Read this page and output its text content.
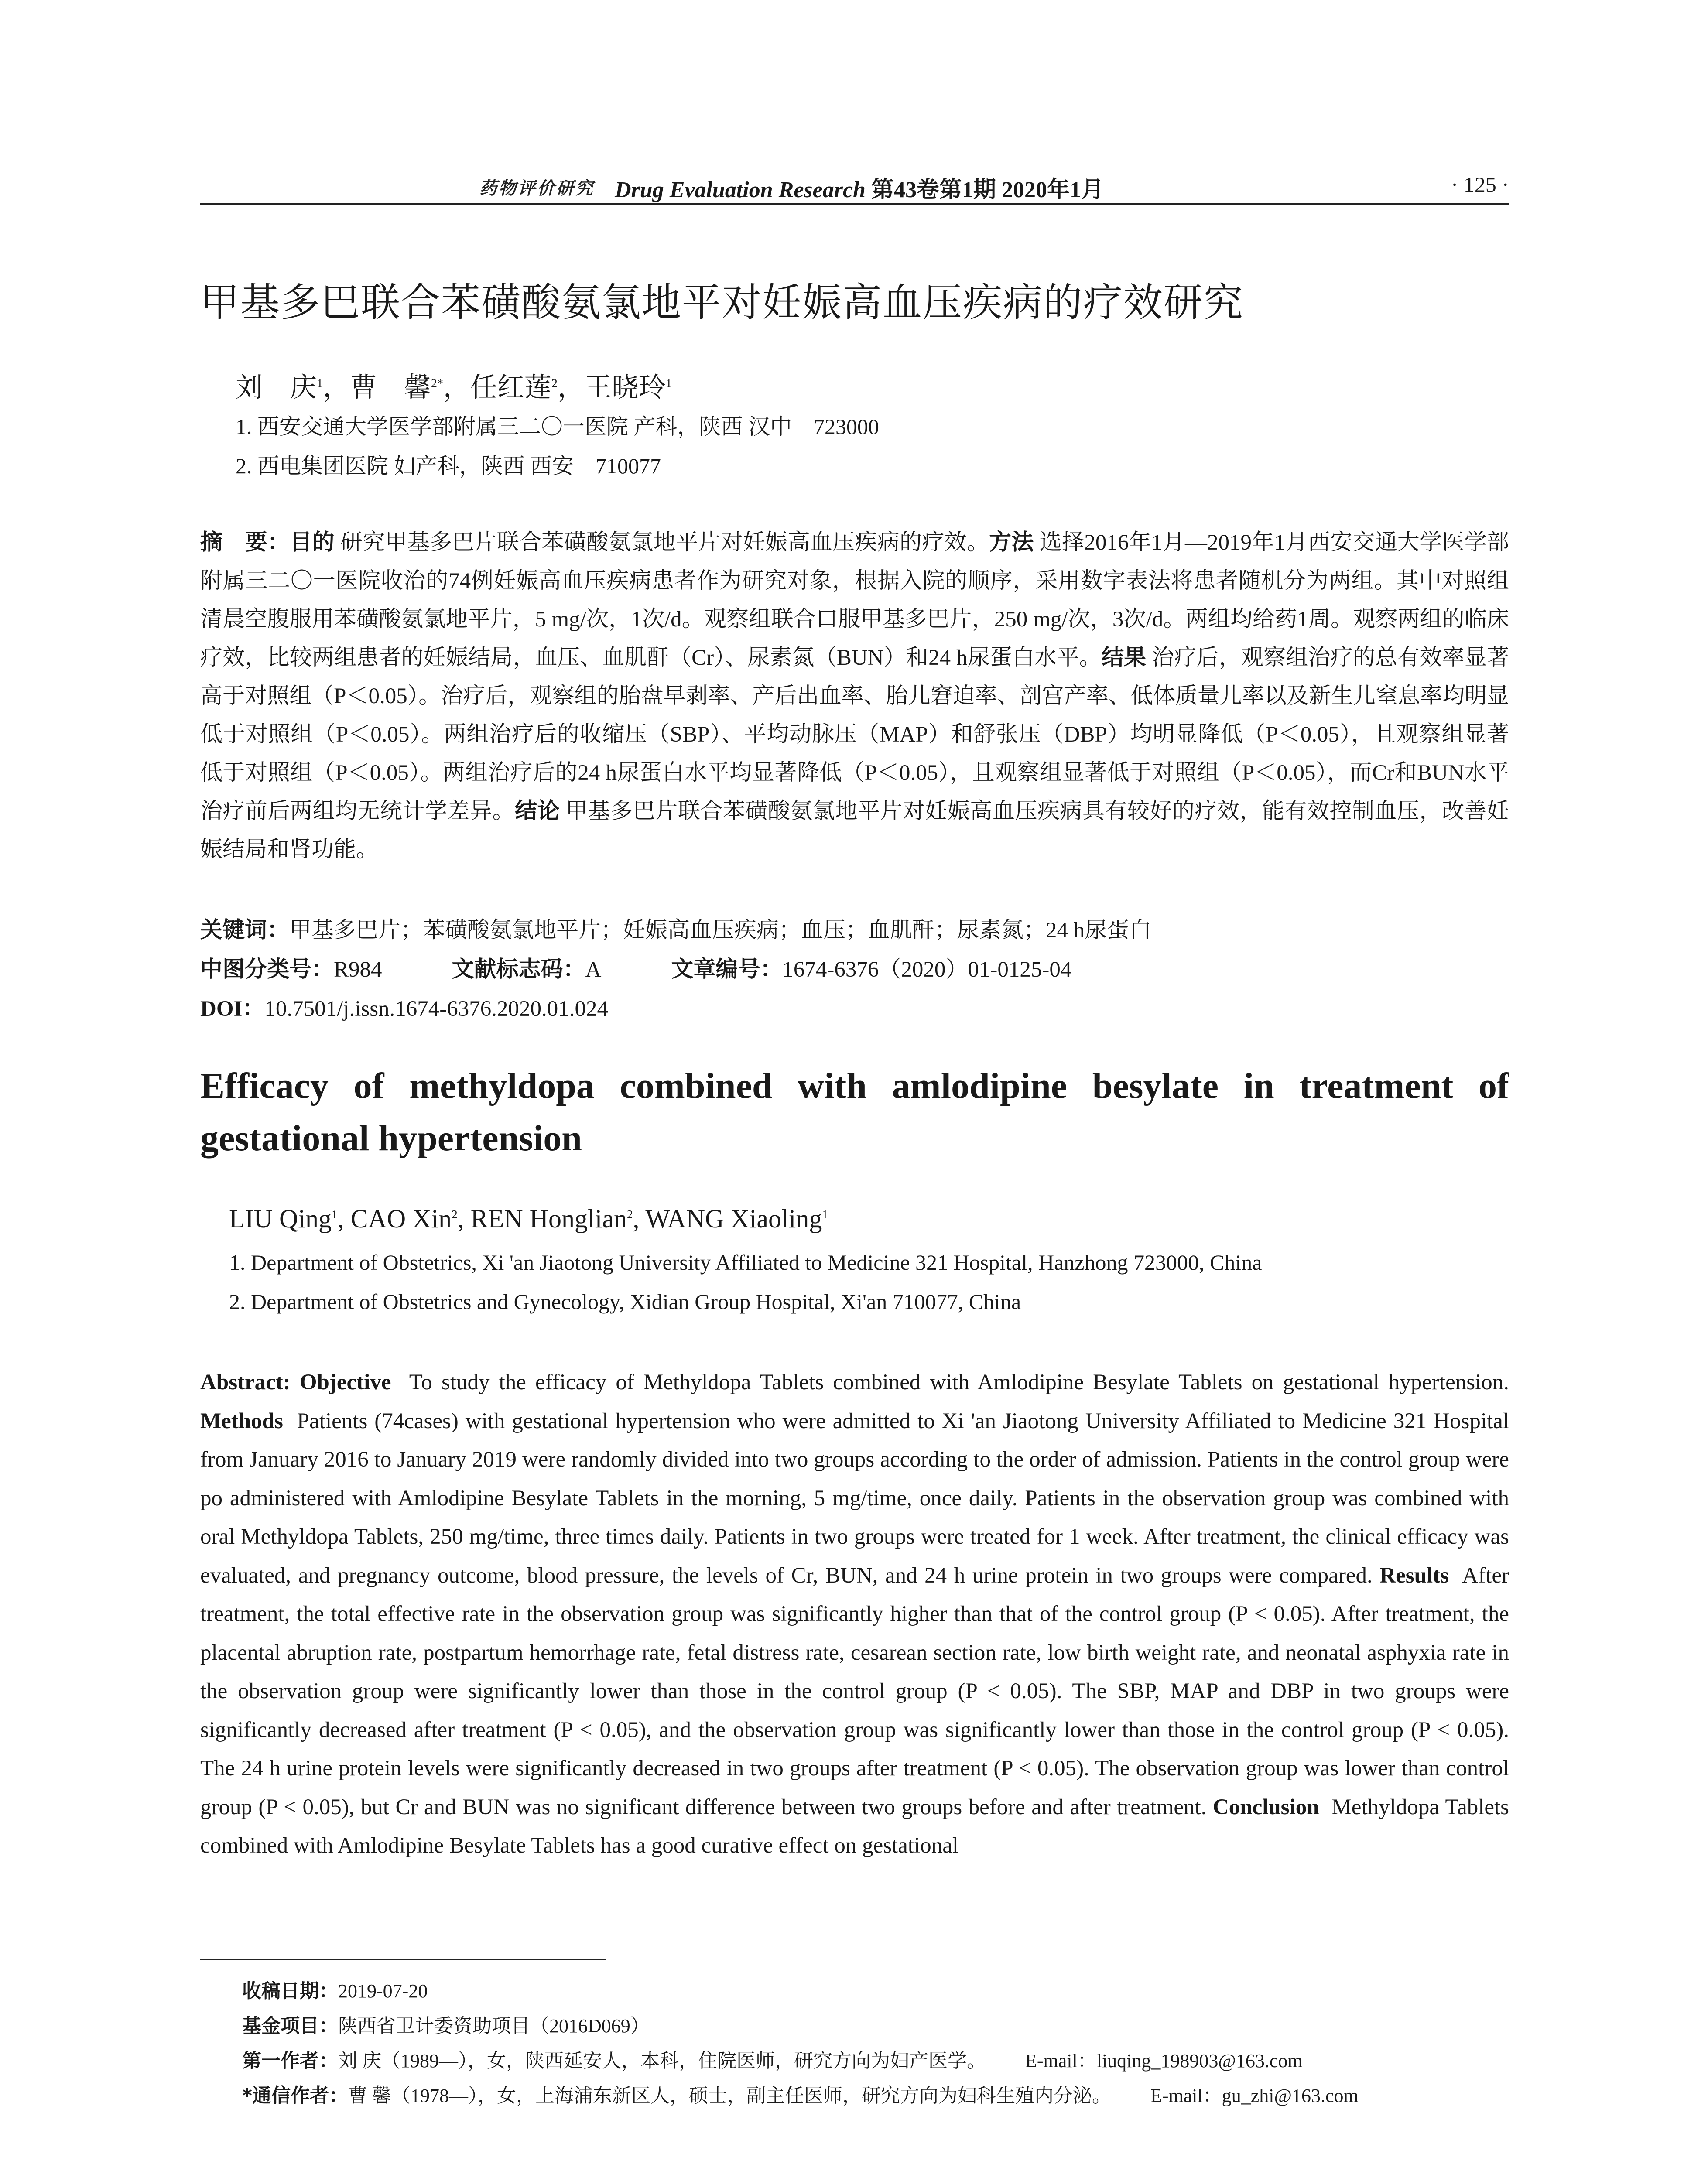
药物评价研究 Drug Evaluation Research 第43卷第1期 2020年1月	· 125 ·
甲基多巴联合苯磺酸氨氯地平对妊娠高血压疾病的疗效研究
刘　庆$^1$，曹　馨$^{2*}$，任红莲$^2$，王晓玲$^1$
1. 西安交通大学医学部附属三二〇一医院 产科，陕西 汉中　723000
2. 西电集团医院 妇产科，陕西 西安　710077

摘　要：目的 研究甲基多巴片联合苯磺酸氨氯地平片对妊娠高血压疾病的疗效。方法 选择2016年1月—2019年1月西安交通大学医学部附属三二〇一医院收治的74例妊娠高血压疾病患者作为研究对象，根据入院的顺序，采用数字表法将患者随机分为两组。其中对照组清晨空腹服用苯磺酸氨氯地平片，5 mg/次，1次/d。观察组联合口服甲基多巴片，250 mg/次，3次/d。两组均给药1周。观察两组的临床疗效，比较两组患者的妊娠结局，血压、血肌酐（Cr）、尿素氮（BUN）和24 h尿蛋白水平。结果 治疗后，观察组治疗的总有效率显著高于对照组（P＜0.05）。治疗后，观察组的胎盘早剥率、产后出血率、胎儿窘迫率、剖宫产率、低体质量儿率以及新生儿窒息率均明显低于对照组（P＜0.05）。两组治疗后的收缩压（SBP）、平均动脉压（MAP）和舒张压（DBP）均明显降低（P＜0.05），且观察组显著低于对照组（P＜0.05）。两组治疗后的24 h尿蛋白水平均显著降低（P＜0.05），且观察组显著低于对照组（P＜0.05），而Cr和BUN水平治疗前后两组均无统计学差异。结论 甲基多巴片联合苯磺酸氨氯地平片对妊娠高血压疾病具有较好的疗效，能有效控制血压，改善妊娠结局和肾功能。

关键词：甲基多巴片；苯磺酸氨氯地平片；妊娠高血压疾病；血压；血肌酐；尿素氮；24 h尿蛋白
中图分类号：R984	文献标志码：A	文章编号：1674-6376（2020）01-0125-04
DOI：10.7501/j.issn.1674-6376.2020.01.024

Efficacy of methyldopa combined with amlodipine besylate in treatment of gestational hypertension

LIU Qing$^1$, CAO Xin$^2$, REN Honglian$^2$, WANG Xiaoling$^1$
1. Department of Obstetrics, Xi 'an Jiaotong University Affiliated to Medicine 321 Hospital, Hanzhong 723000, China
2. Department of Obstetrics and Gynecology, Xidian Group Hospital, Xi'an 710077, China

Abstract: Objective To study the efficacy of Methyldopa Tablets combined with Amlodipine Besylate Tablets on gestational hypertension. Methods Patients (74cases) with gestational hypertension who were admitted to Xi 'an Jiaotong University Affiliated to Medicine 321 Hospital from January 2016 to January 2019 were randomly divided into two groups according to the order of admission. Patients in the control group were po administered with Amlodipine Besylate Tablets in the morning, 5 mg/time, once daily. Patients in the observation group was combined with oral Methyldopa Tablets, 250 mg/time, three times daily. Patients in two groups were treated for 1 week. After treatment, the clinical efficacy was evaluated, and pregnancy outcome, blood pressure, the levels of Cr, BUN, and 24 h urine protein in two groups were compared. Results After treatment, the total effective rate in the observation group was significantly higher than that of the control group (P < 0.05). After treatment, the placental abruption rate, postpartum hemorrhage rate, fetal distress rate, cesarean section rate, low birth weight rate, and neonatal asphyxia rate in the observation group were significantly lower than those in the control group (P < 0.05). The SBP, MAP and DBP in two groups were significantly decreased after treatment (P < 0.05), and the observation group was significantly lower than those in the control group (P < 0.05). The 24 h urine protein levels were significantly decreased in two groups after treatment (P < 0.05). The observation group was lower than control group (P < 0.05), but Cr and BUN was no significant difference between two groups before and after treatment. Conclusion Methyldopa Tablets combined with Amlodipine Besylate Tablets has a good curative effect on gestational

收稿日期：2019-07-20
基金项目：陕西省卫计委资助项目（2016D069）
第一作者：刘 庆（1989—），女，陕西延安人，本科，住院医师，研究方向为妇产医学。 E-mail：liuqing_198903@163.com
*通信作者：曹 馨（1978—），女，上海浦东新区人，硕士，副主任医师，研究方向为妇科生殖内分泌。 E-mail：gu_zhi@163.com
